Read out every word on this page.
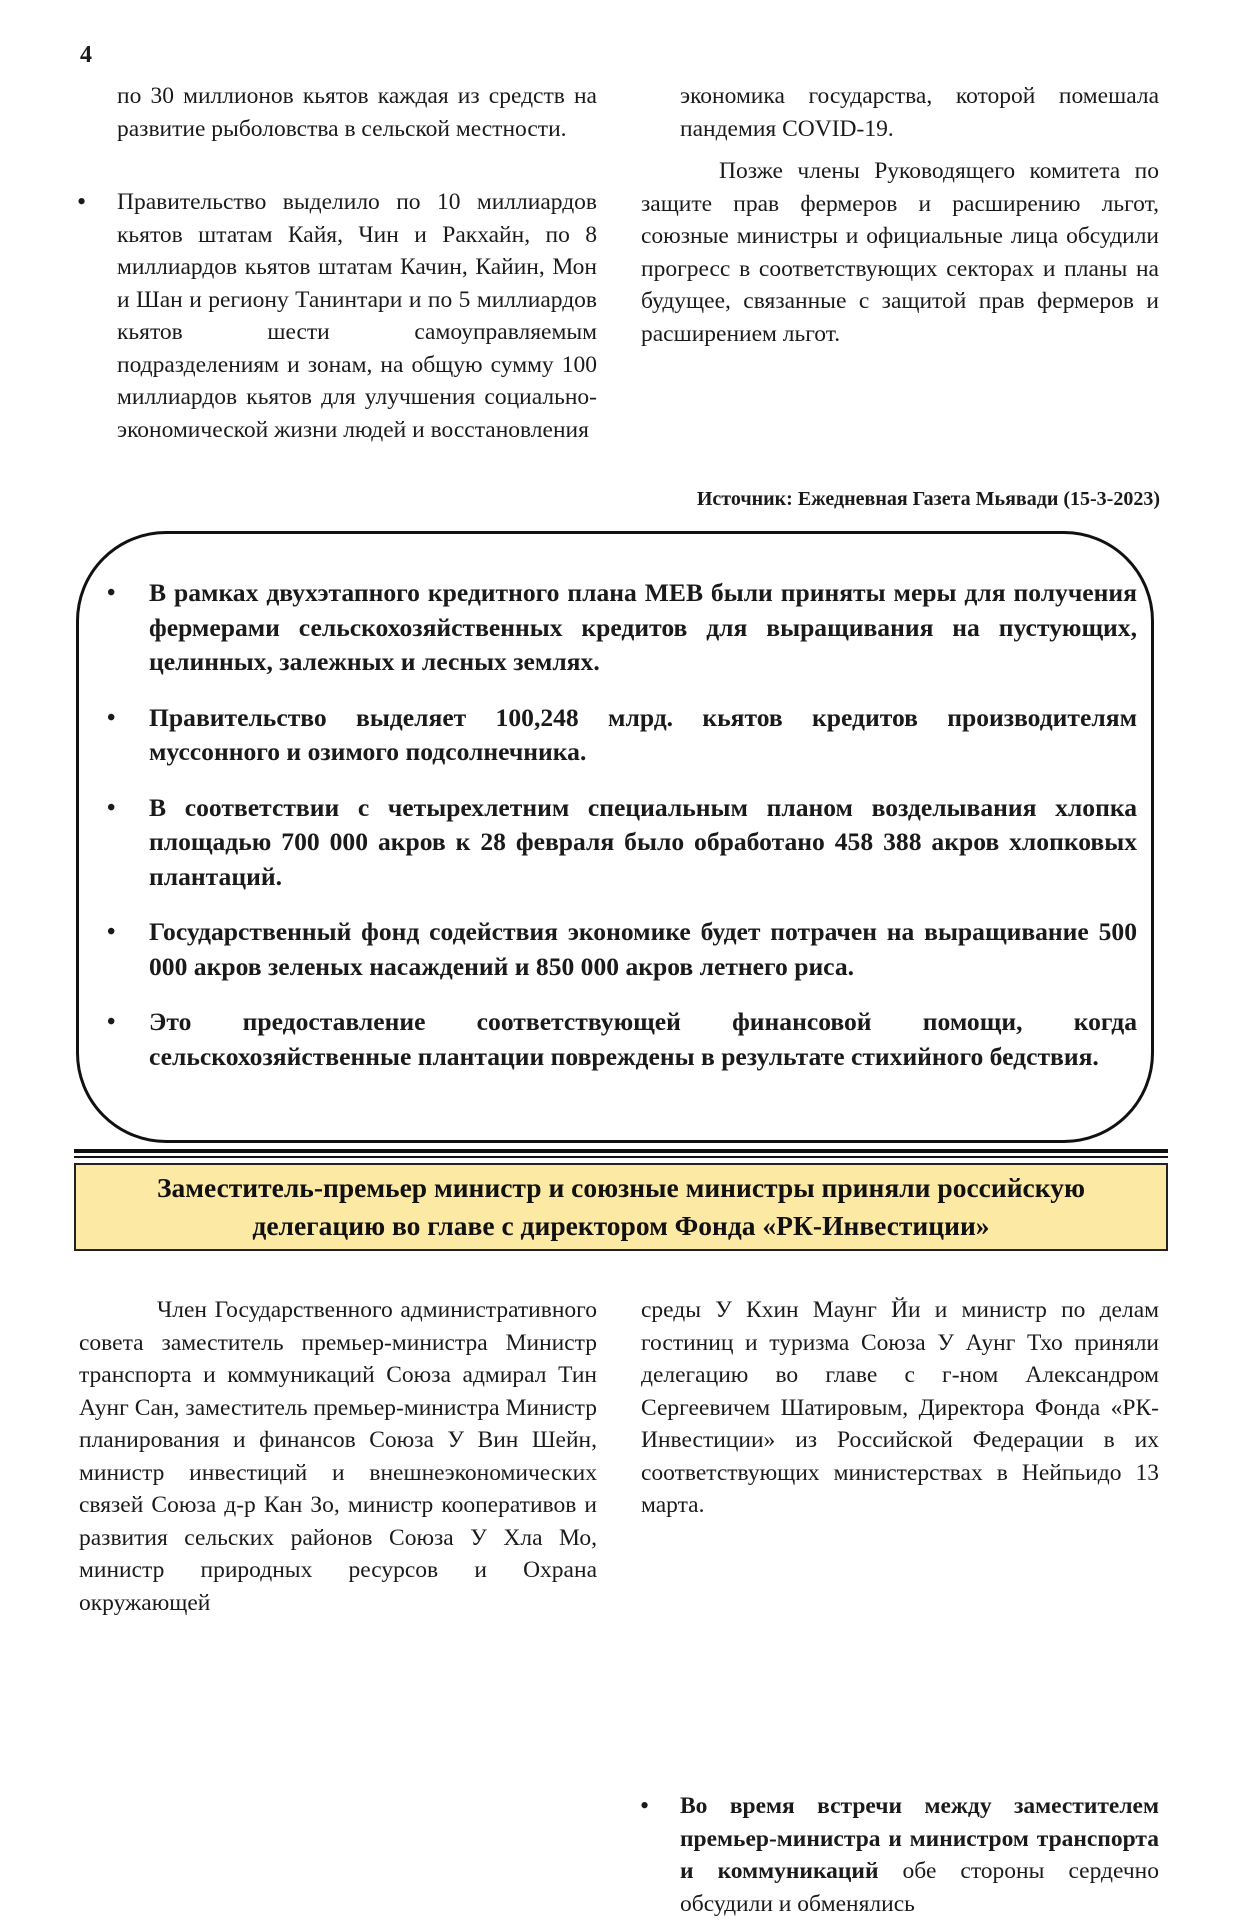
4

по 30 миллионов кьятов каждая из средств на развитие рыболовства в сельской местности.

• Правительство выделило по 10 миллиардов кьятов штатам Кайя, Чин и Ракхайн, по 8 миллиардов кьятов штатам Качин, Кайин, Мон и Шан и региону Танинтари и по 5 миллиардов кьятов шести самоуправляемым подразделениям и зонам, на общую сумму 100 миллиардов кьятов для улучшения социально-экономической жизни людей и восстановления

экономика государства, которой помешала пандемия COVID-19.

Позже члены Руководящего комитета по защите прав фермеров и расширению льгот, союзные министры и официальные лица обсудили прогресс в соответствующих секторах и планы на будущее, связанные с защитой прав фермеров и расширением льгот.

Источник: Ежедневная Газета Мьявади (15-3-2023)
• В рамках двухэтапного кредитного плана MEB были приняты меры для получения фермерами сельскохозяйственных кредитов для выращивания на пустующих, целинных, залежных и лесных землях.
• Правительство выделяет 100,248 млрд. кьятов кредитов производителям муссонного и озимого подсолнечника.
• В соответствии с четырехлетним специальным планом возделывания хлопка площадью 700 000 акров к 28 февраля было обработано 458 388 акров хлопковых плантаций.
• Государственный фонд содействия экономике будет потрачен на выращивание 500 000 акров зеленых насаждений и 850 000 акров летнего риса.
• Это предоставление соответствующей финансовой помощи, когда сельскохозяйственные плантации повреждены в результате стихийного бедствия.
Заместитель-премьер министр и союзные министры приняли российскую делегацию во главе с директором Фонда «РК-Инвестиции»

Член Государственного административного совета заместитель премьер-министра Министр транспорта и коммуникаций Союза адмирал Тин Аунг Сан, заместитель премьер-министра Министр планирования и финансов Союза У Вин Шейн, министр инвестиций и внешнеэкономических связей Союза д-р Кан Зо, министр кооперативов и развития сельских районов Союза У Хла Мо, министр природных ресурсов и Охрана окружающей

среды У Кхин Маунг Йи и министр по делам гостиниц и туризма Союза У Аунг Тхо приняли делегацию во главе с г-ном Александром Сергеевичем Шатировым, Директора Фонда «РК-Инвестиции» из Российской Федерации в их соответствующих министерствах в Нейпьидо 13 марта.

• Во время встречи между заместителем премьер-министра и министром транспорта и коммуникаций обе стороны сердечно обсудили и обменялись
